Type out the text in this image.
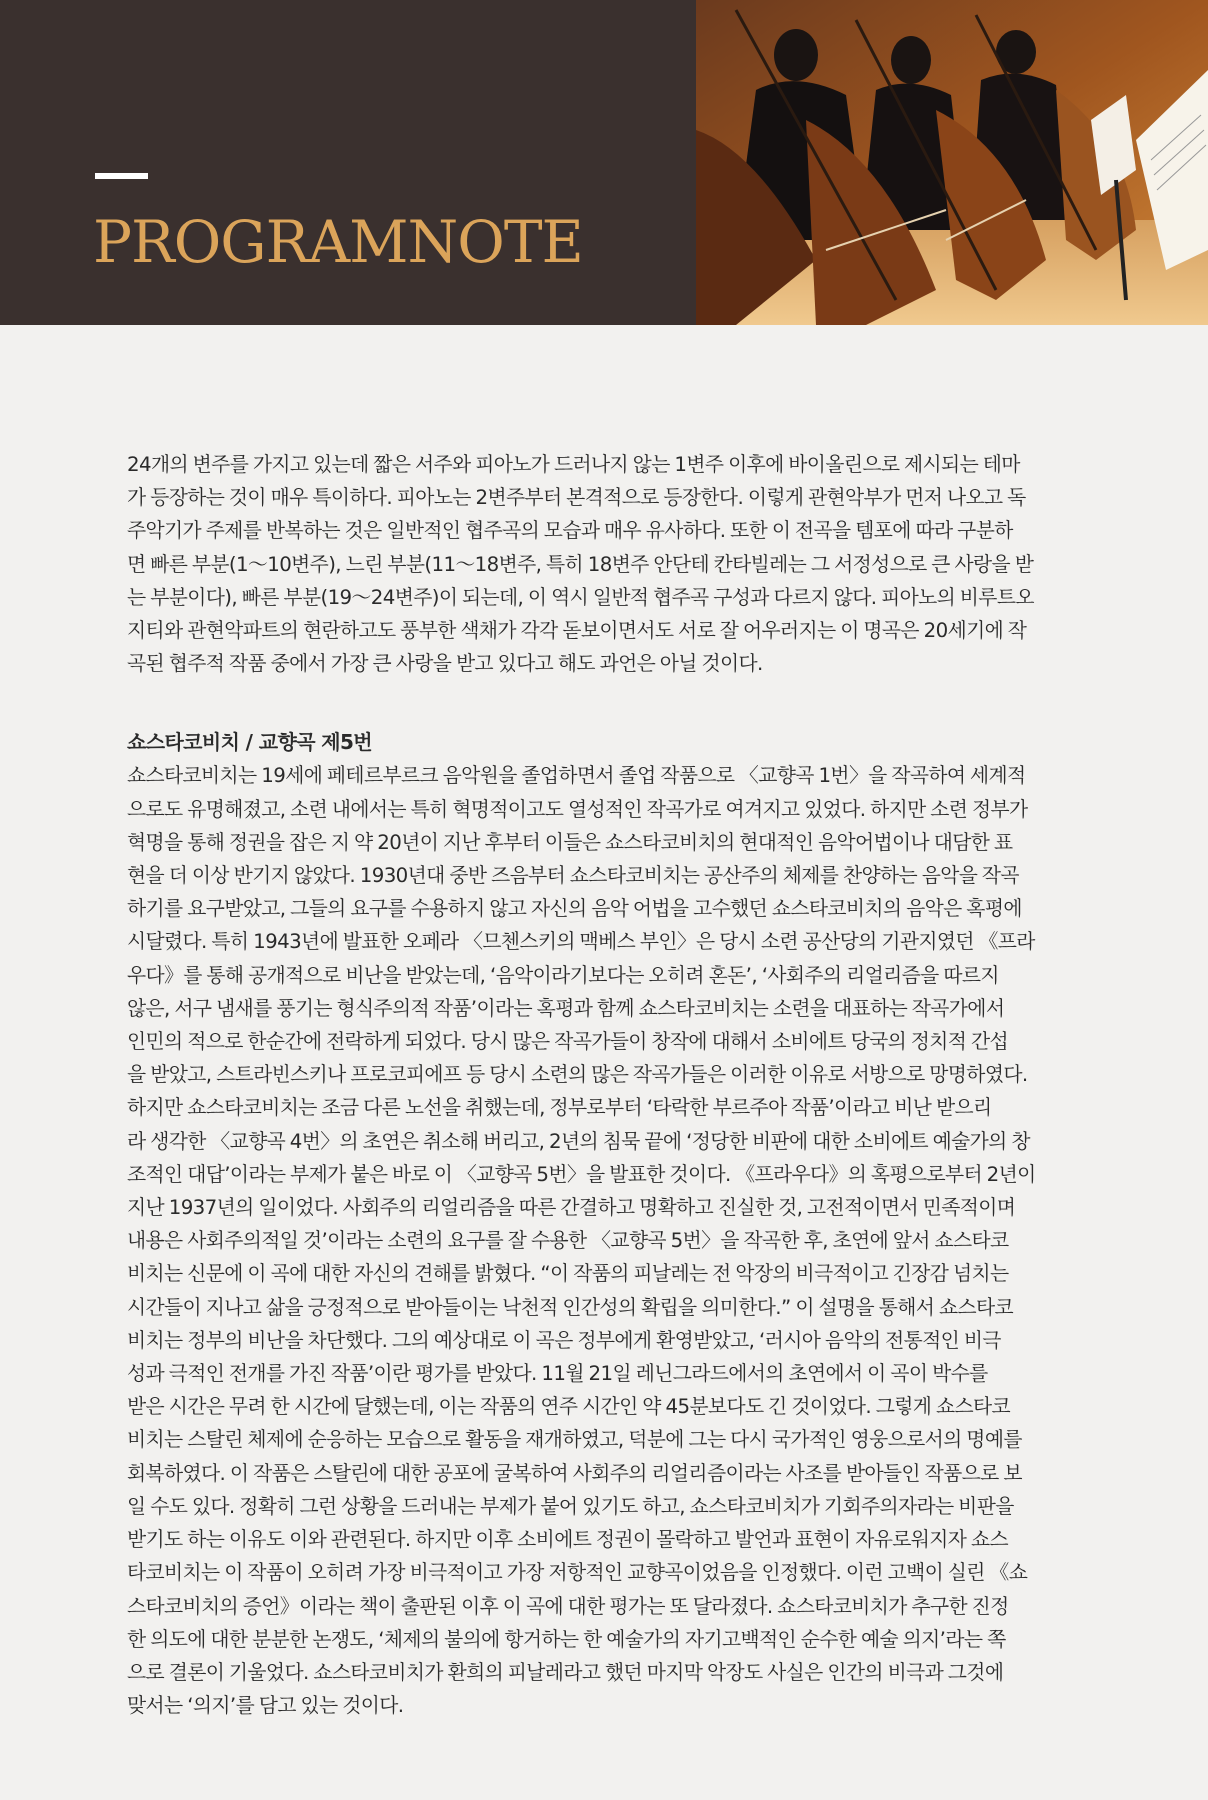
PROGRAMNOTE

24개의 변주를 가지고 있는데 짧은 서주와 피아노가 드러나지 않는 1변주 이후에 바이올린으로 제시되는 테마
가 등장하는 것이 매우 특이하다. 피아노는 2변주부터 본격적으로 등장한다. 이렇게 관현악부가 먼저 나오고 독
주악기가 주제를 반복하는 것은 일반적인 협주곡의 모습과 매우 유사하다. 또한 이 전곡을 템포에 따라 구분하
면 빠른 부분(1～10변주), 느린 부분(11～18변주, 특히 18변주 안단테 칸타빌레는 그 서정성으로 큰 사랑을 받
는 부분이다), 빠른 부분(19～24변주)이 되는데, 이 역시 일반적 협주곡 구성과 다르지 않다. 피아노의 비루트오
지티와 관현악파트의 현란하고도 풍부한 색채가 각각 돋보이면서도 서로 잘 어우러지는 이 명곡은 20세기에 작
곡된 협주적 작품 중에서 가장 큰 사랑을 받고 있다고 해도 과언은 아닐 것이다.

쇼스타코비치 / 교향곡 제5번

쇼스타코비치는 19세에 페테르부르크 음악원을 졸업하면서 졸업 작품으로 〈교향곡 1번〉을 작곡하여 세계적
으로도 유명해졌고, 소련 내에서는 특히 혁명적이고도 열성적인 작곡가로 여겨지고 있었다. 하지만 소련 정부가
혁명을 통해 정권을 잡은 지 약 20년이 지난 후부터 이들은 쇼스타코비치의 현대적인 음악어법이나 대담한 표
현을 더 이상 반기지 않았다. 1930년대 중반 즈음부터 쇼스타코비치는 공산주의 체제를 찬양하는 음악을 작곡
하기를 요구받았고, 그들의 요구를 수용하지 않고 자신의 음악 어법을 고수했던 쇼스타코비치의 음악은 혹평에
시달렸다. 특히 1943년에 발표한 오페라 〈므첸스키의 맥베스 부인〉은 당시 소련 공산당의 기관지였던 《프라
우다》를 통해 공개적으로 비난을 받았는데, ‘음악이라기보다는 오히려 혼돈’, ‘사회주의 리얼리즘을 따르지
않은, 서구 냄새를 풍기는 형식주의적 작품’이라는 혹평과 함께 쇼스타코비치는 소련을 대표하는 작곡가에서
인민의 적으로 한순간에 전락하게 되었다. 당시 많은 작곡가들이 창작에 대해서 소비에트 당국의 정치적 간섭
을 받았고, 스트라빈스키나 프로코피에프 등 당시 소련의 많은 작곡가들은 이러한 이유로 서방으로 망명하였다.
하지만 쇼스타코비치는 조금 다른 노선을 취했는데, 정부로부터 ‘타락한 부르주아 작품’이라고 비난 받으리
라 생각한 〈교향곡 4번〉의 초연은 취소해 버리고, 2년의 침묵 끝에 ‘정당한 비판에 대한 소비에트 예술가의 창
조적인 대답’이라는 부제가 붙은 바로 이 〈교향곡 5번〉을 발표한 것이다. 《프라우다》의 혹평으로부터 2년이
지난 1937년의 일이었다. 사회주의 리얼리즘을 따른 간결하고 명확하고 진실한 것, 고전적이면서 민족적이며
내용은 사회주의적일 것’이라는 소련의 요구를 잘 수용한 〈교향곡 5번〉을 작곡한 후, 초연에 앞서 쇼스타코
비치는 신문에 이 곡에 대한 자신의 견해를 밝혔다. “이 작품의 피날레는 전 악장의 비극적이고 긴장감 넘치는
시간들이 지나고 삶을 긍정적으로 받아들이는 낙천적 인간성의 확립을 의미한다.” 이 설명을 통해서 쇼스타코
비치는 정부의 비난을 차단했다. 그의 예상대로 이 곡은 정부에게 환영받았고, ‘러시아 음악의 전통적인 비극
성과 극적인 전개를 가진 작품’이란 평가를 받았다. 11월 21일 레닌그라드에서의 초연에서 이 곡이 박수를
받은 시간은 무려 한 시간에 달했는데, 이는 작품의 연주 시간인 약 45분보다도 긴 것이었다. 그렇게 쇼스타코
비치는 스탈린 체제에 순응하는 모습으로 활동을 재개하였고, 덕분에 그는 다시 국가적인 영웅으로서의 명예를
회복하였다. 이 작품은 스탈린에 대한 공포에 굴복하여 사회주의 리얼리즘이라는 사조를 받아들인 작품으로 보
일 수도 있다. 정확히 그런 상황을 드러내는 부제가 붙어 있기도 하고, 쇼스타코비치가 기회주의자라는 비판을
받기도 하는 이유도 이와 관련된다. 하지만 이후 소비에트 정권이 몰락하고 발언과 표현이 자유로워지자 쇼스
타코비치는 이 작품이 오히려 가장 비극적이고 가장 저항적인 교향곡이었음을 인정했다. 이런 고백이 실린 《쇼
스타코비치의 증언》이라는 책이 출판된 이후 이 곡에 대한 평가는 또 달라졌다. 쇼스타코비치가 추구한 진정
한 의도에 대한 분분한 논쟁도, ‘체제의 불의에 항거하는 한 예술가의 자기고백적인 순수한 예술 의지’라는 쪽
으로 결론이 기울었다. 쇼스타코비치가 환희의 피날레라고 했던 마지막 악장도 사실은 인간의 비극과 그것에
맞서는 ‘의지’를 담고 있는 것이다.
